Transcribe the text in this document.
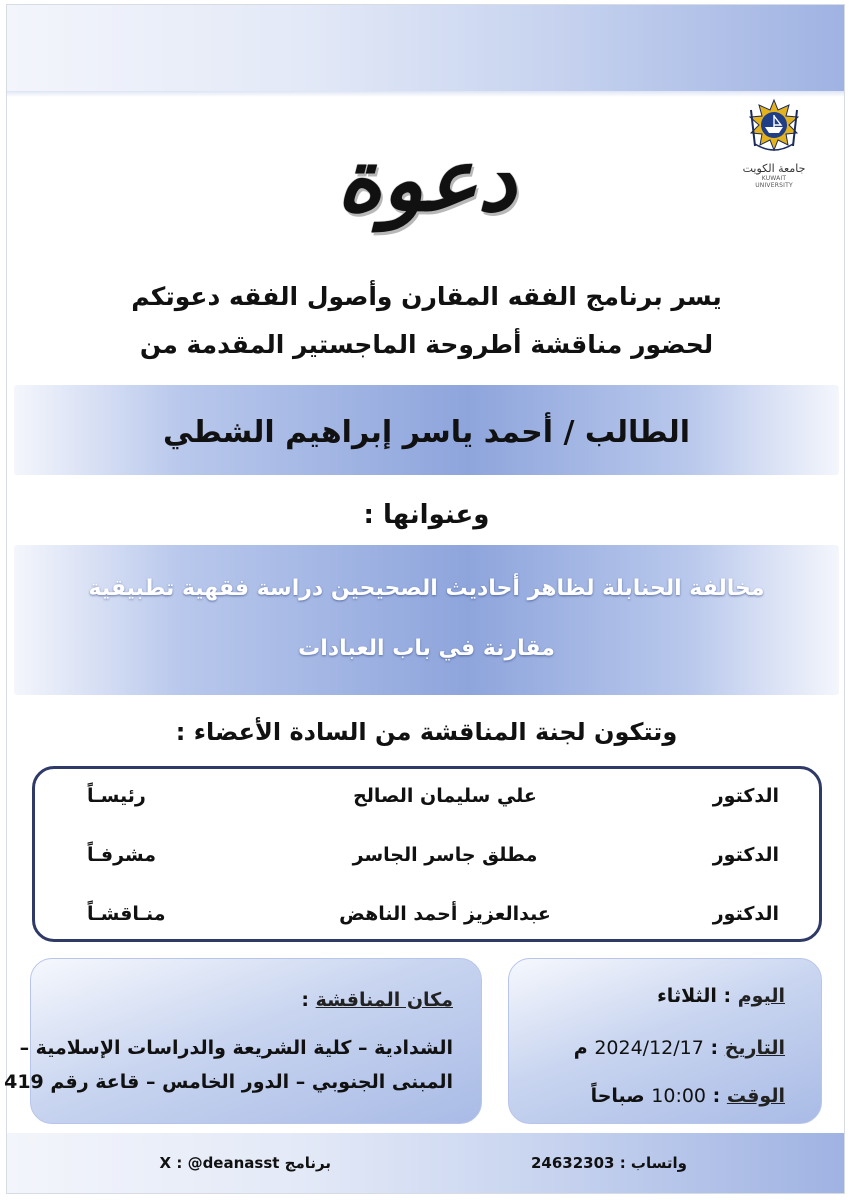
جامعة الكويت
KUWAIT UNIVERSITY
دعوة
يسر برنامج الفقه المقارن وأصول الفقه دعوتكم
لحضور مناقشة أطروحة الماجستير المقدمة من
الطالب / أحمد ياسر إبراهيم الشطي
وعنوانها :
مخالفة الحنابلة لظاهر أحاديث الصحيحين دراسة فقهية تطبيقية
مقارنة في باب العبادات
وتتكون لجنة المناقشة من السادة الأعضاء :
الدكتور
علي سليمان الصالح
رئيسـاً
الدكتور
مطلق جاسر الجاسر
مشرفـاً
الدكتور
عبدالعزيز أحمد الناهض
منـاقشـاً
اليوم : الثلاثاء
التاريخ : 2024/12/17 م
الوقت : 10:00 صباحاً
مكان المناقشة :
الشدادية – كلية الشريعة والدراسات الإسلامية –
المبنى الجنوبي – الدور الخامس – قاعة رقم 419
واتساب : 24632303
برنامج X : @deanasst
